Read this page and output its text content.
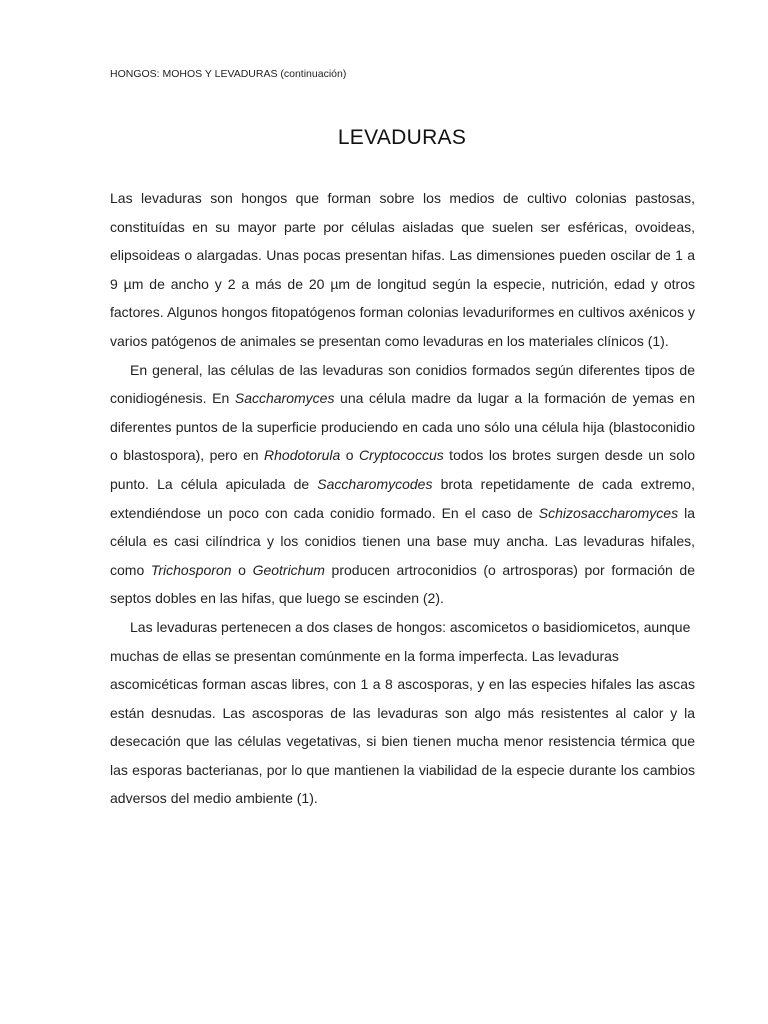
HONGOS: MOHOS Y LEVADURAS (continuación)
LEVADURAS

Las levaduras son hongos que forman sobre los medios de cultivo colonias pastosas, constituídas en su mayor parte por células aisladas que suelen ser esféricas, ovoideas, elipsoideas o alargadas. Unas pocas presentan hifas. Las dimensiones pueden oscilar de 1 a 9 µm de ancho y 2 a más de 20 µm de longitud según la especie, nutrición, edad y otros factores. Algunos hongos fitopatógenos forman colonias levaduriformes en cultivos axénicos y varios patógenos de animales se presentan como levaduras en los materiales clínicos (1).

En general, las células de las levaduras son conidios formados según diferentes tipos de conidiogénesis. En Saccharomyces una célula madre da lugar a la formación de yemas en diferentes puntos de la superficie produciendo en cada uno sólo una célula hija (blastoconidio o blastospora), pero en Rhodotorula o Cryptococcus todos los brotes surgen desde un solo punto. La célula apiculada de Saccharomycodes brota repetidamente de cada extremo, extendiéndose un poco con cada conidio formado. En el caso de Schizosaccharomyces la célula es casi cilíndrica y los conidios tienen una base muy ancha. Las levaduras hifales, como Trichosporon o Geotrichum producen artroconidios (o artrosporas) por formación de septos dobles en las hifas, que luego se escinden (2).

Las levaduras pertenecen a dos clases de hongos: ascomicetos o basidiomicetos, aunque muchas de ellas se presentan comúnmente en la forma imperfecta. Las levaduras

ascomicéticas forman ascas libres, con 1 a 8 ascosporas, y en las especies hifales las ascas están desnudas. Las ascosporas de las levaduras son algo más resistentes al calor y la desecación que las células vegetativas, si bien tienen mucha menor resistencia térmica que las esporas bacterianas, por lo que mantienen la viabilidad de la especie durante los cambios adversos del medio ambiente (1).
